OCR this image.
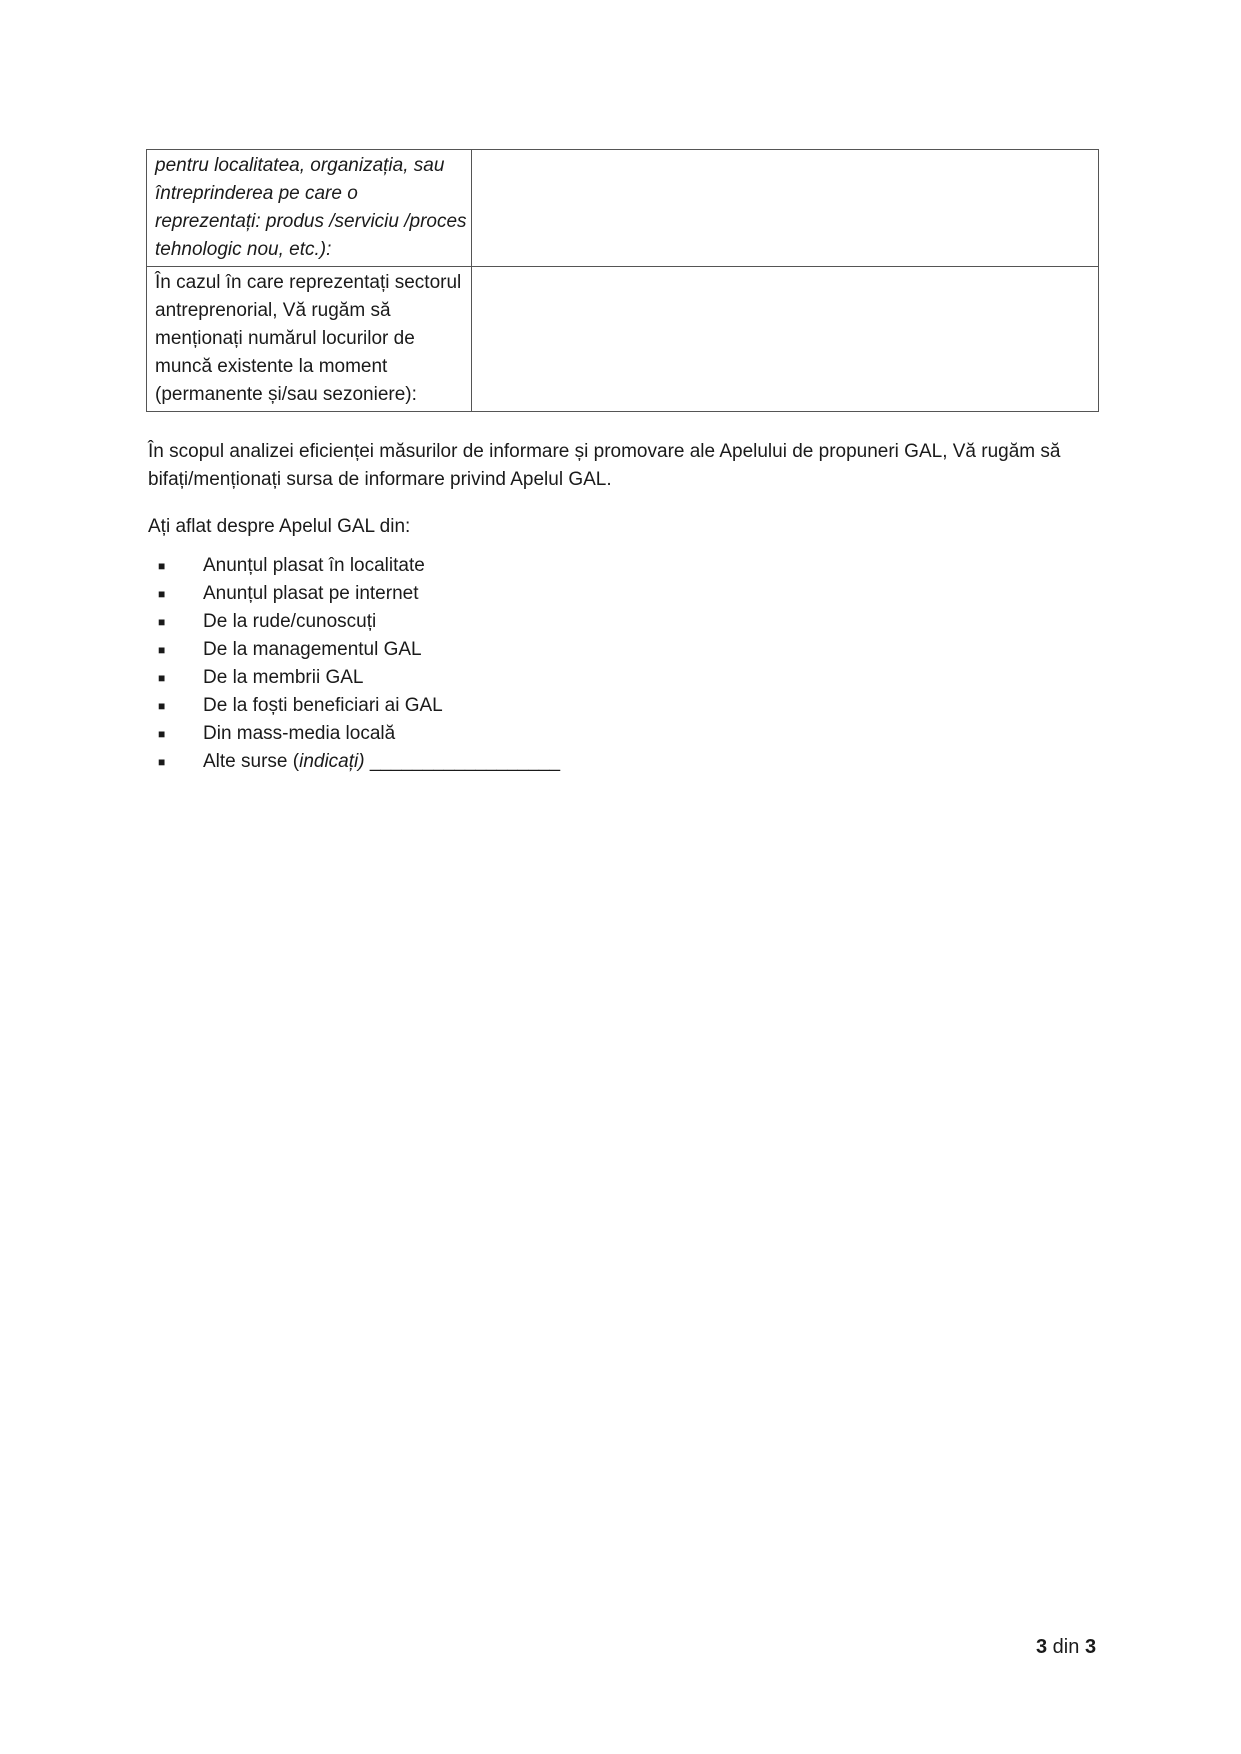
pentru localitatea, organizația, sau întreprinderea pe care o reprezentați: produs /serviciu /proces tehnologic nou, etc.):	
În cazul în care reprezentați sectorul antreprenorial, Vă rugăm să menționați numărul locurilor de muncă existente la moment (permanente și/sau sezoniere):	
În scopul analizei eficienței măsurilor de informare și promovare ale Apelului de propuneri GAL, Vă rugăm să bifați/menționați sursa de informare privind Apelul GAL.
Ați aflat despre Apelul GAL din:
■	Anunțul plasat în localitate
■	Anunțul plasat pe internet
■	De la rude/cunoscuți
■	De la managementul GAL
■	De la membrii GAL
■	De la foști beneficiari ai GAL
■	Din mass-media locală
■	Alte surse (indicați) __________________
3 din 3
